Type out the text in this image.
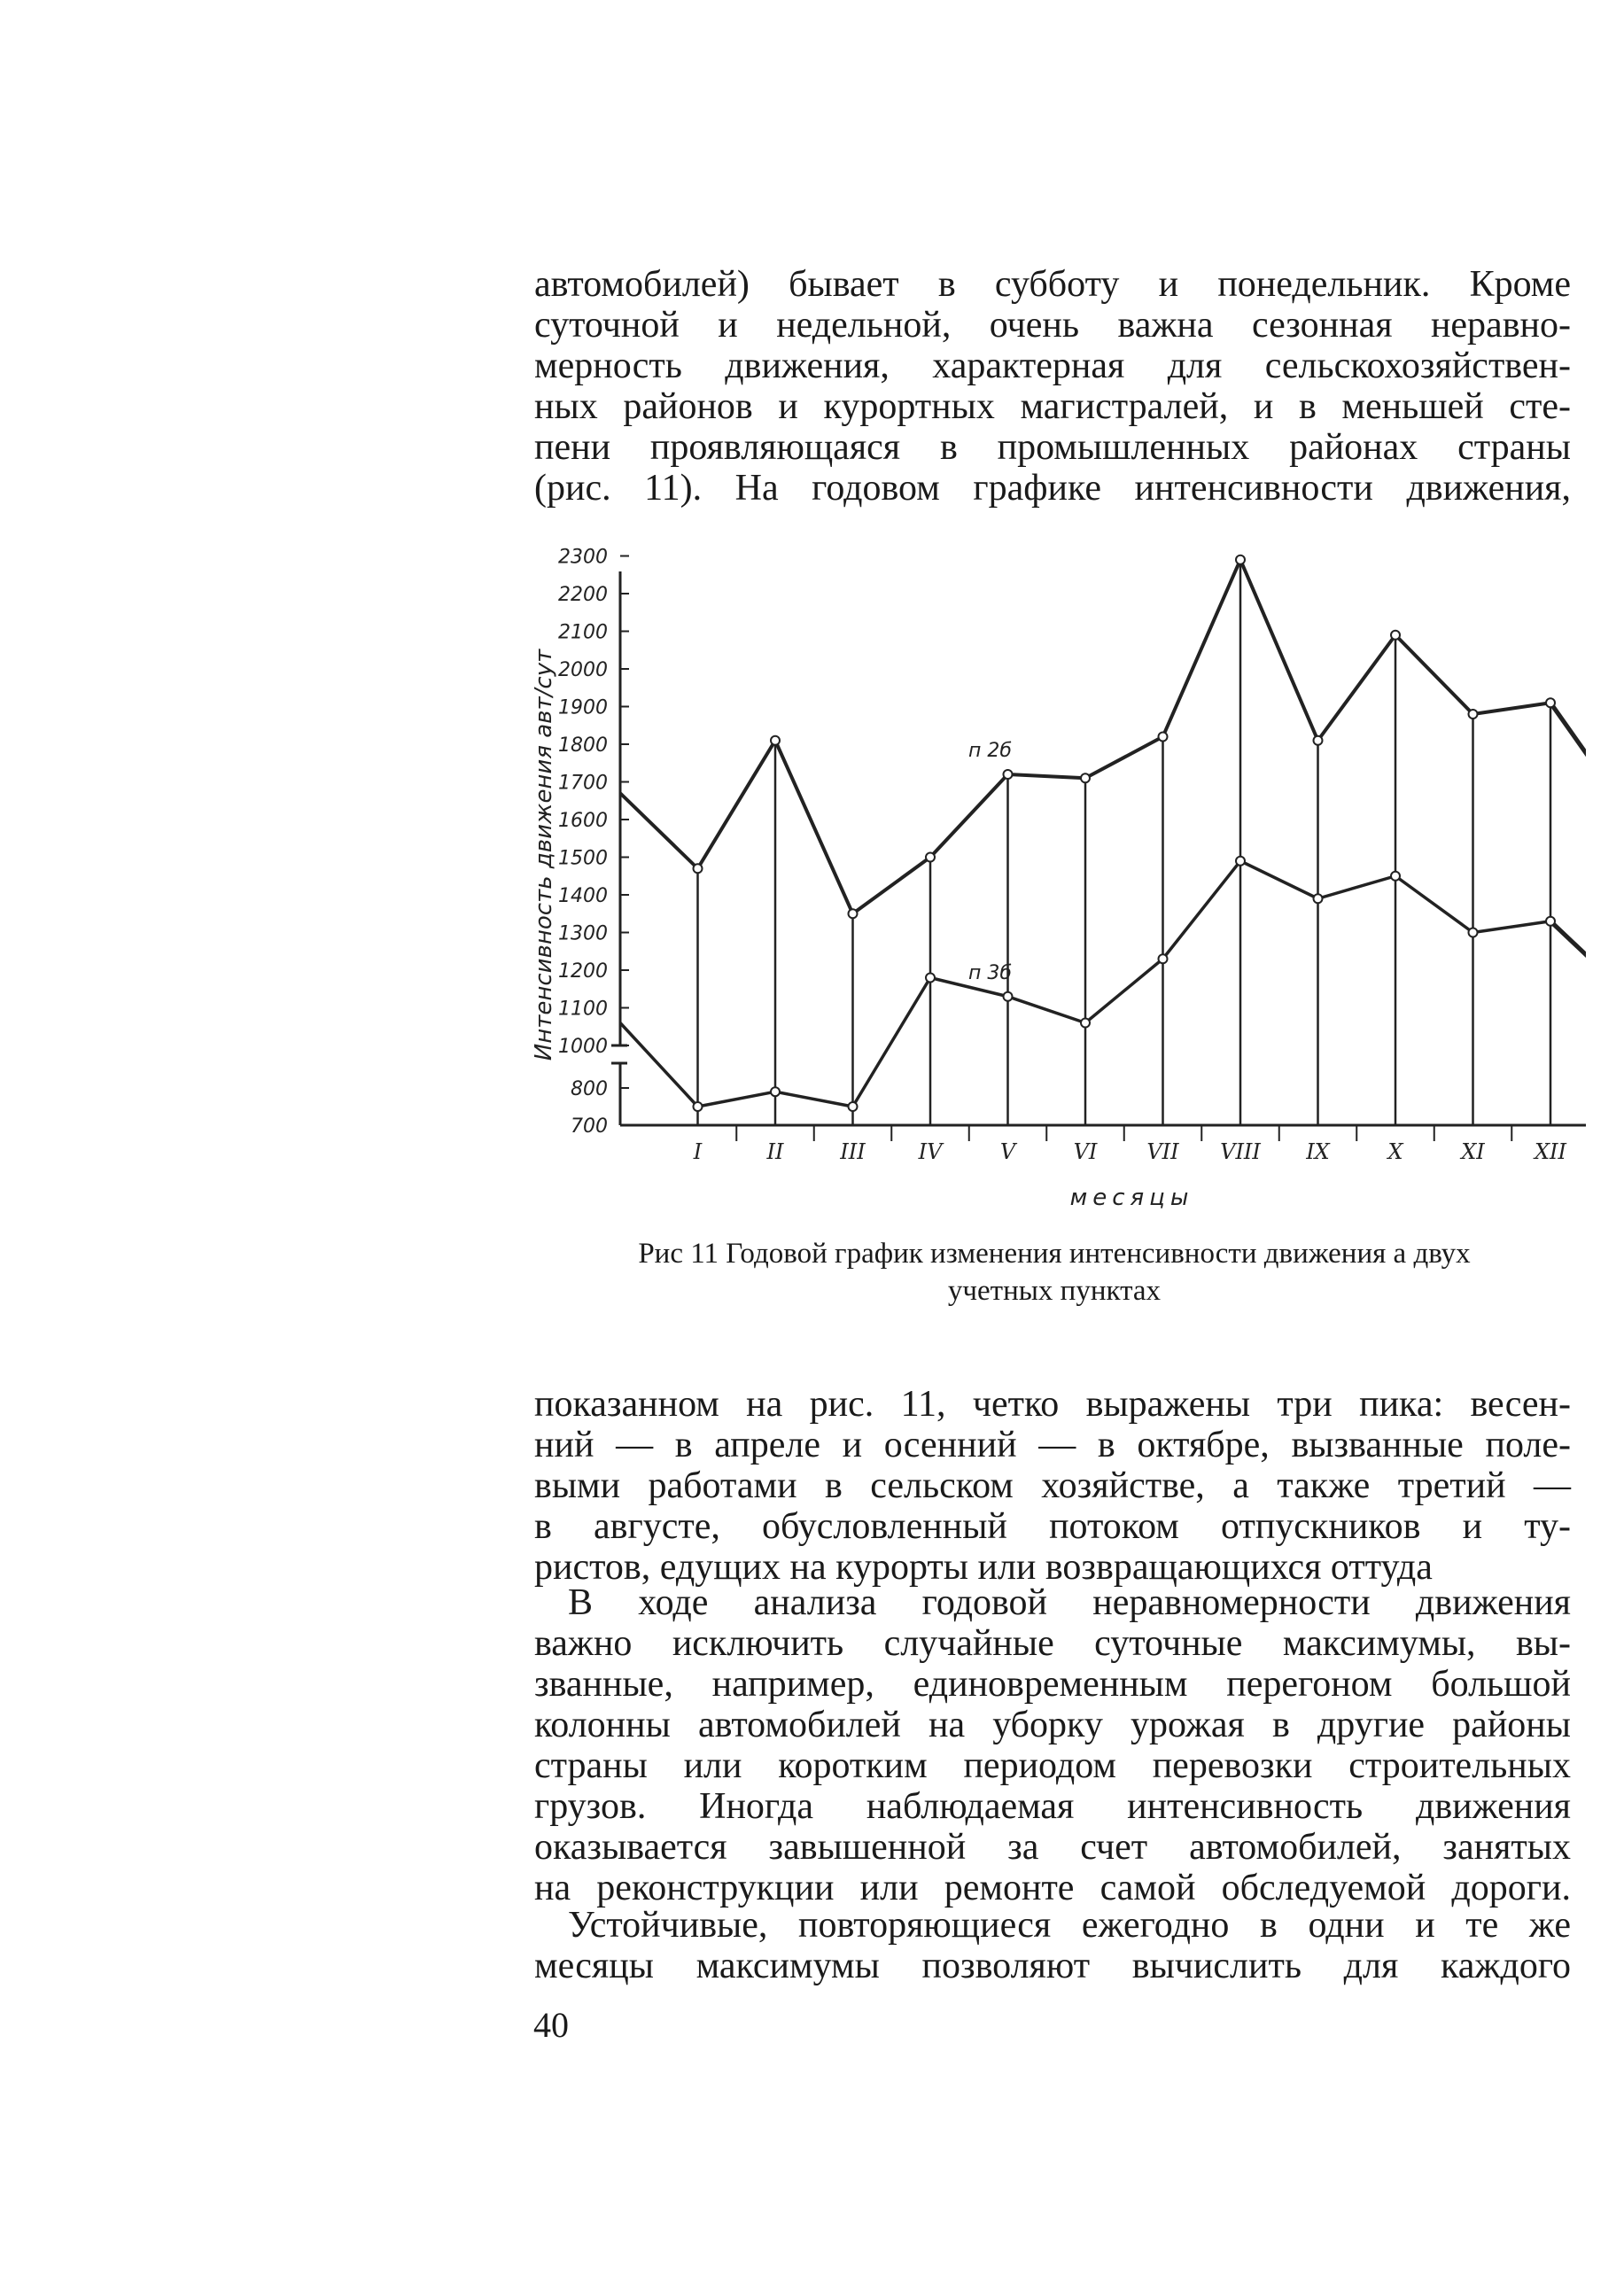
автомобилей) бывает в субботу и понедельник. Кроме
суточной и недельной, очень важна сезонная неравно-
мерность движения, характерная для сельскохозяйствен-
ных районов и курортных магистралей, и в меньшей сте-
пени проявляющаяся в промышленных районах страны
(рис. 11). На годовом графике интенсивности движения,
700
800
1000
1100
1200
1300
1400
1500
1600
1700
1800
1900
2000
2100
2200
2300
Интенсивность движения авт/сут
I	II	III IV	V	VI VII VIII IX	X	XI XII
месяцы
п 2б
п 3б
Рис 11 Годовой график изменения интенсивности движения а двух
учетных пунктах
показанном на рис. 11, четко выражены три пика: весен-
ний — в апреле и осенний — в октябре, вызванные поле-
выми работами в сельском хозяйстве, а также третий —
в августе, обусловленный потоком отпускников и ту-
ристов, едущих на курорты или возвращающихся оттуда
В ходе анализа годовой неравномерности движения
важно исключить случайные суточные максимумы, вы-
званные, например, единовременным перегоном большой
колонны автомобилей на уборку урожая в другие районы
страны или коротким периодом перевозки строительных
грузов. Иногда наблюдаемая интенсивность движения
оказывается завышенной за счет автомобилей, занятых
на реконструкции или ремонте самой обследуемой дороги.
Устойчивые, повторяющиеся ежегодно в одни и те же
месяцы максимумы позволяют вычислить для каждого
40
